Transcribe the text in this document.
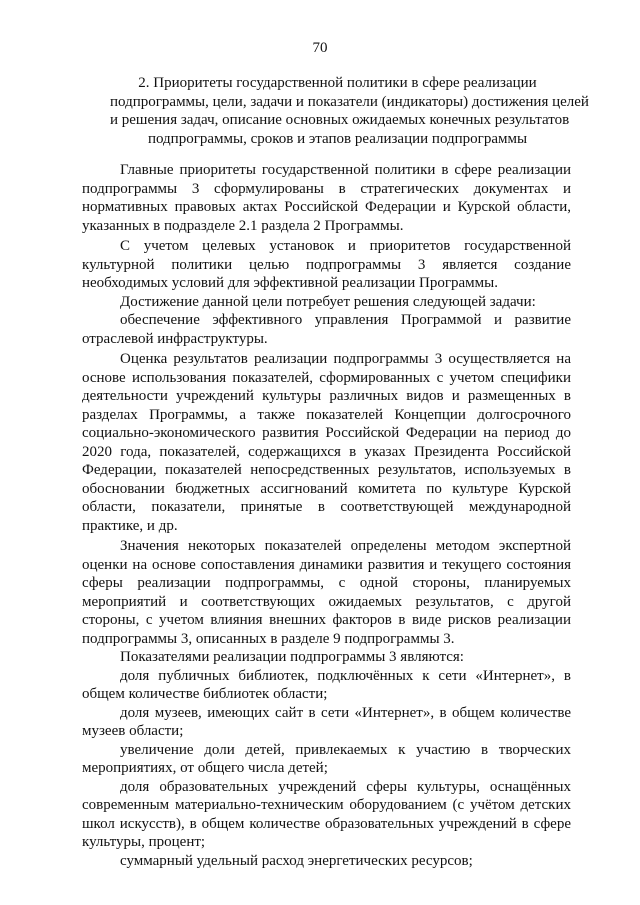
70
2. Приоритеты государственной политики в сфере реализации
подпрограммы, цели, задачи и показатели (индикаторы) достижения целей
и решения задач, описание основных ожидаемых конечных результатов
подпрограммы, сроков и этапов реализации подпрограммы

Главные приоритеты государственной политики в сфере реализации подпрограммы 3 сформулированы в стратегических документах и нормативных правовых актах Российской Федерации и Курской области, указанных в подразделе 2.1 раздела 2 Программы.

С учетом целевых установок и приоритетов государственной культурной политики целью подпрограммы 3 является создание необходимых условий для эффективной реализации Программы.

Достижение данной цели потребует решения следующей задачи:

обеспечение эффективного управления Программой и развитие отраслевой инфраструктуры.

Оценка результатов реализации подпрограммы 3 осуществляется на основе использования показателей, сформированных с учетом специфики деятельности учреждений культуры различных видов и размещенных в разделах Программы, а также показателей Концепции долгосрочного социально-экономического развития Российской Федерации на период до 2020 года, показателей, содержащихся в указах Президента Российской Федерации, показателей непосредственных результатов, используемых в обосновании бюджетных ассигнований комитета по культуре Курской области, показатели, принятые в соответствующей международной практике, и др.

Значения некоторых показателей определены методом экспертной оценки на основе сопоставления динамики развития и текущего состояния сферы реализации подпрограммы, с одной стороны, планируемых мероприятий и соответствующих ожидаемых результатов, с другой стороны, с учетом влияния внешних факторов в виде рисков реализации подпрограммы 3, описанных в разделе 9 подпрограммы 3.

Показателями реализации подпрограммы 3 являются:

доля публичных библиотек, подключённых к сети «Интернет», в общем количестве библиотек области;

доля музеев, имеющих сайт в сети «Интернет», в общем количестве музеев области;

увеличение доли детей, привлекаемых к участию в творческих мероприятиях, от общего числа детей;

доля образовательных учреждений сферы культуры, оснащённых современным материально-техническим оборудованием (с учётом детских школ искусств), в общем количестве образовательных учреждений в сфере культуры, процент;

суммарный удельный расход энергетических ресурсов;
